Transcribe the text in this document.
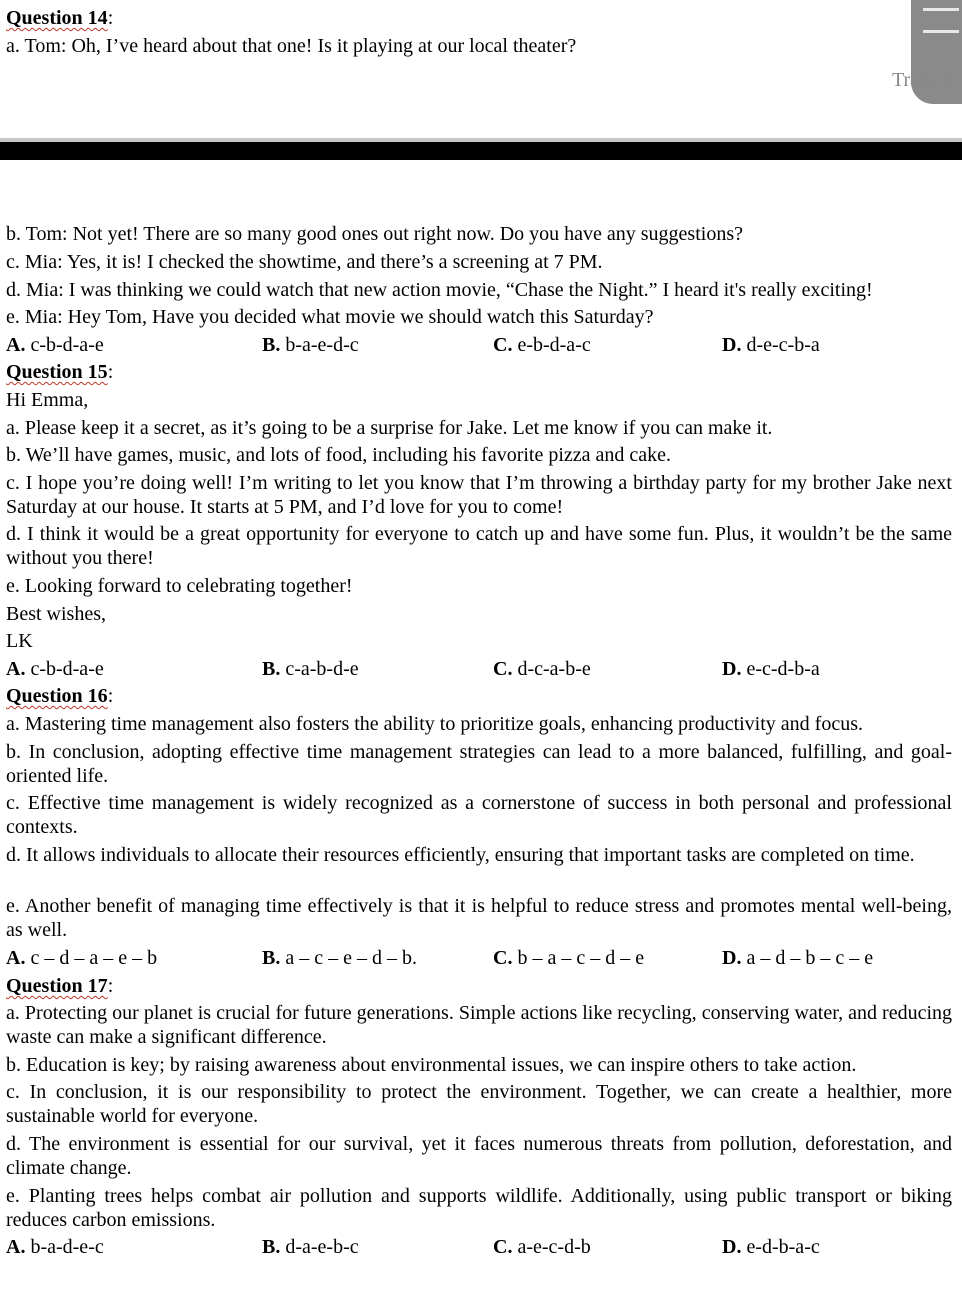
Question 14:
a. Tom: Oh, I’ve heard about that one! Is it playing at our local theater?
Trang 1
b. Tom: Not yet! There are so many good ones out right now. Do you have any suggestions?
c. Mia: Yes, it is! I checked the showtime, and there’s a screening at 7 PM.
d. Mia: I was thinking we could watch that new action movie, “Chase the Night.” I heard it's really exciting!
e. Mia: Hey Tom, Have you decided what movie we should watch this Saturday?
A. c-b-d-a-e	B. b-a-e-d-c	C. e-b-d-a-c	D. d-e-c-b-a
Question 15:
Hi Emma,
a. Please keep it a secret, as it’s going to be a surprise for Jake. Let me know if you can make it.
b. We’ll have games, music, and lots of food, including his favorite pizza and cake.
c. I hope you’re doing well! I’m writing to let you know that I’m throwing a birthday party for my brother Jake next Saturday at our house. It starts at 5 PM, and I’d love for you to come!
d. I think it would be a great opportunity for everyone to catch up and have some fun. Plus, it wouldn’t be the same without you there!
e. Looking forward to celebrating together!
Best wishes,
LK
A. c-b-d-a-e	B. c-a-b-d-e	C. d-c-a-b-e	D. e-c-d-b-a
Question 16:
a. Mastering time management also fosters the ability to prioritize goals, enhancing productivity and focus.
b. In conclusion, adopting effective time management strategies can lead to a more balanced, fulfilling, and goal-oriented life.
c. Effective time management is widely recognized as a cornerstone of success in both personal and professional contexts.
d. It allows individuals to allocate their resources efficiently, ensuring that important tasks are completed on time.
e. Another benefit of managing time effectively is that it is helpful to reduce stress and promotes mental well-being, as well.
A. c – d – a – e – b	B. a – c – e – d – b.	C. b – a – c – d – e	D. a – d – b – c – e
Question 17:
a. Protecting our planet is crucial for future generations. Simple actions like recycling, conserving water, and reducing waste can make a significant difference.
b. Education is key; by raising awareness about environmental issues, we can inspire others to take action.
c. In conclusion, it is our responsibility to protect the environment. Together, we can create a healthier, more sustainable world for everyone.
d. The environment is essential for our survival, yet it faces numerous threats from pollution, deforestation, and climate change.
e. Planting trees helps combat air pollution and supports wildlife. Additionally, using public transport or biking reduces carbon emissions.
A. b-a-d-e-c	B. d-a-e-b-c	C. a-e-c-d-b	D. e-d-b-a-c
